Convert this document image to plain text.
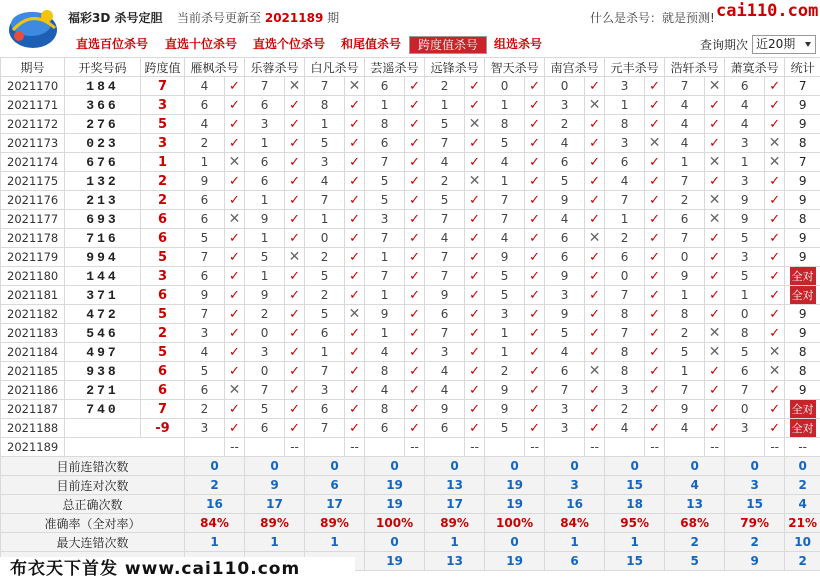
福彩3D 杀号定胆 当前杀号更新至 2021189 期	什么是杀号：就是预测! cai110.com
直选百位杀号 直选十位杀号 直选个位杀号 和尾值杀号	跨度值杀号	组选杀号	查询期次 近20期
期号	开奖号码	跨度值	雁枫杀号		乐蓉杀号		白凡杀号		芸遥杀号		远锋杀号		智天杀号		南宫杀号		元丰杀号		浩轩杀号		萧寞杀号		统计
2021170	184	7	4	✓	7	✕	7	✕	6	✓	2	✓	0	✓	0	✓	3	✓	7	✕	6	✓	7
2021171	366	3	6	✓	6	✓	8	✓	1	✓	1	✓	1	✓	3	✕	1	✓	4	✓	4	✓	9
2021172	276	5	4	✓	3	✓	1	✓	8	✓	5	✕	8	✓	2	✓	8	✓	4	✓	4	✓	9
2021173	023	3	2	✓	1	✓	5	✓	6	✓	7	✓	5	✓	4	✓	3	✕	4	✓	3	✕	8
2021174	676	1	1	✕	6	✓	3	✓	7	✓	4	✓	4	✓	6	✓	6	✓	1	✕	1	✕	7
2021175	132	2	9	✓	6	✓	4	✓	5	✓	2	✕	1	✓	5	✓	4	✓	7	✓	3	✓	9
2021176	213	2	6	✓	1	✓	7	✓	5	✓	5	✓	7	✓	9	✓	7	✓	2	✕	9	✓	9
2021177	693	6	6	✕	9	✓	1	✓	3	✓	7	✓	7	✓	4	✓	1	✓	6	✕	9	✓	8
2021178	716	6	5	✓	1	✓	0	✓	7	✓	4	✓	4	✓	6	✕	2	✓	7	✓	5	✓	9
2021179	994	5	7	✓	5	✕	2	✓	1	✓	7	✓	9	✓	6	✓	6	✓	0	✓	3	✓	9
2021180	144	3	6	✓	1	✓	5	✓	7	✓	7	✓	5	✓	9	✓	0	✓	9	✓	5	✓	全对
2021181	371	6	9	✓	9	✓	2	✓	1	✓	9	✓	5	✓	3	✓	7	✓	1	✓	1	✓	全对
2021182	472	5	7	✓	2	✓	5	✕	9	✓	6	✓	3	✓	9	✓	8	✓	8	✓	0	✓	9
2021183	546	2	3	✓	0	✓	6	✓	1	✓	7	✓	1	✓	5	✓	7	✓	2	✕	8	✓	9
2021184	497	5	4	✓	3	✓	1	✓	4	✓	3	✓	1	✓	4	✓	8	✓	5	✕	5	✕	8
2021185	938	6	5	✓	0	✓	7	✓	8	✓	4	✓	2	✓	6	✕	8	✓	1	✓	6	✕	8
2021186	271	6	6	✕	7	✓	3	✓	4	✓	4	✓	9	✓	7	✓	3	✓	7	✓	7	✓	9
2021187	740	7	2	✓	5	✓	6	✓	8	✓	9	✓	9	✓	3	✓	2	✓	9	✓	0	✓	全对
2021188		-9	3	✓	6	✓	7	✓	6	✓	6	✓	5	✓	3	✓	4	✓	4	✓	3	✓	全对
2021189	当前期杀号		3	--	8	--	8	--	1	--	5	--	2	--	3	--	4	--	0	--	7	--	--
目前连错次数			0		0		0		0		0		0		0		0		0		0		0
目前连对次数			2		9		6		19		13		19		3		15		4		3		2
总正确次数			16		17		17		19		17		19		16		18		13		15		4
准确率（全对率）			84%		89%		89%		100%		89%		100%		84%		95%		68%		79%		21%
最大连错次数			1		1		1		0		1		0		1		1		2		2		10
									19		13		19		6		15		5		9		2
布衣天下首发 www.cai110.com
